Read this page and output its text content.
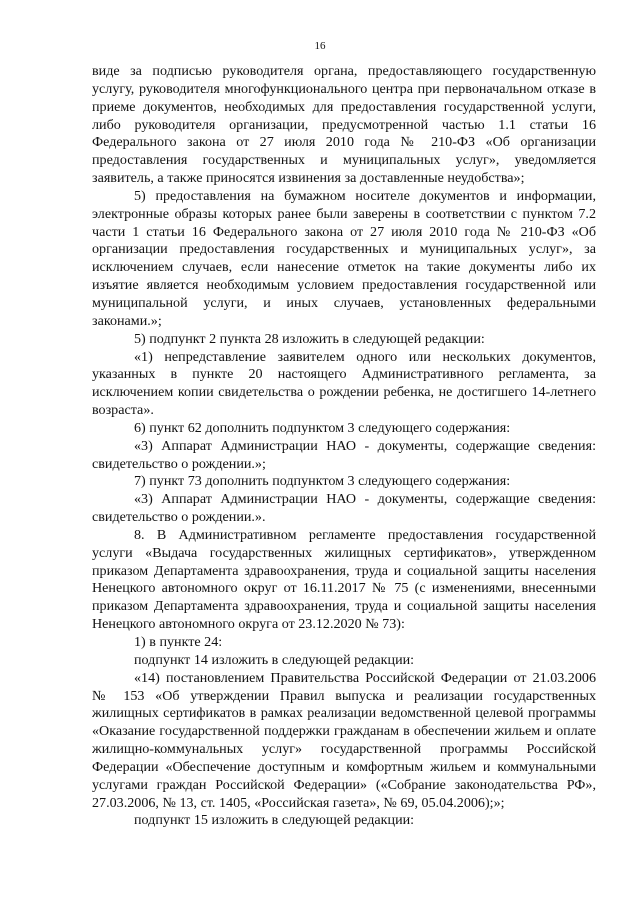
16

виде за подписью руководителя органа, предоставляющего государственную услугу, руководителя многофункционального центра при первоначальном отказе в приеме документов, необходимых для предоставления государственной услуги, либо руководителя организации, предусмотренной частью 1.1 статьи 16 Федерального закона от 27 июля 2010 года № 210-ФЗ «Об организации предоставления государственных и муниципальных услуг», уведомляется заявитель, а также приносятся извинения за доставленные неудобства»;

5) предоставления на бумажном носителе документов и информации, электронные образы которых ранее были заверены в соответствии с пунктом 7.2 части 1 статьи 16 Федерального закона от 27 июля 2010 года № 210-ФЗ «Об организации предоставления государственных и муниципальных услуг», за исключением случаев, если нанесение отметок на такие документы либо их изъятие является необходимым условием предоставления государственной или муниципальной услуги, и иных случаев, установленных федеральными законами.»;

5) подпункт 2 пункта 28 изложить в следующей редакции:

«1) непредставление заявителем одного или нескольких документов, указанных в пункте 20 настоящего Административного регламента, за исключением копии свидетельства о рождении ребенка, не достигшего 14-летнего возраста».

6) пункт 62 дополнить подпунктом 3 следующего содержания:

«3) Аппарат Администрации НАО - документы, содержащие сведения: свидетельство о рождении.»;

7) пункт 73 дополнить подпунктом 3 следующего содержания:

«3) Аппарат Администрации НАО - документы, содержащие сведения: свидетельство о рождении.».

8. В Административном регламенте предоставления государственной услуги «Выдача государственных жилищных сертификатов», утвержденном приказом Департамента здравоохранения, труда и социальной защиты населения Ненецкого автономного округ от 16.11.2017 № 75 (с изменениями, внесенными приказом Департамента здравоохранения, труда и социальной защиты населения Ненецкого автономного округа от 23.12.2020 № 73):

1) в пункте 24:

подпункт 14 изложить в следующей редакции:

«14) постановлением Правительства Российской Федерации от 21.03.2006 № 153 «Об утверждении Правил выпуска и реализации государственных жилищных сертификатов в рамках реализации ведомственной целевой программы «Оказание государственной поддержки гражданам в обеспечении жильем и оплате жилищно-коммунальных услуг» государственной программы Российской Федерации «Обеспечение доступным и комфортным жильем и коммунальными услугами граждан Российской Федерации» («Собрание законодательства РФ», 27.03.2006, № 13, ст. 1405, «Российская газета», № 69, 05.04.2006);»;

подпункт 15 изложить в следующей редакции:
